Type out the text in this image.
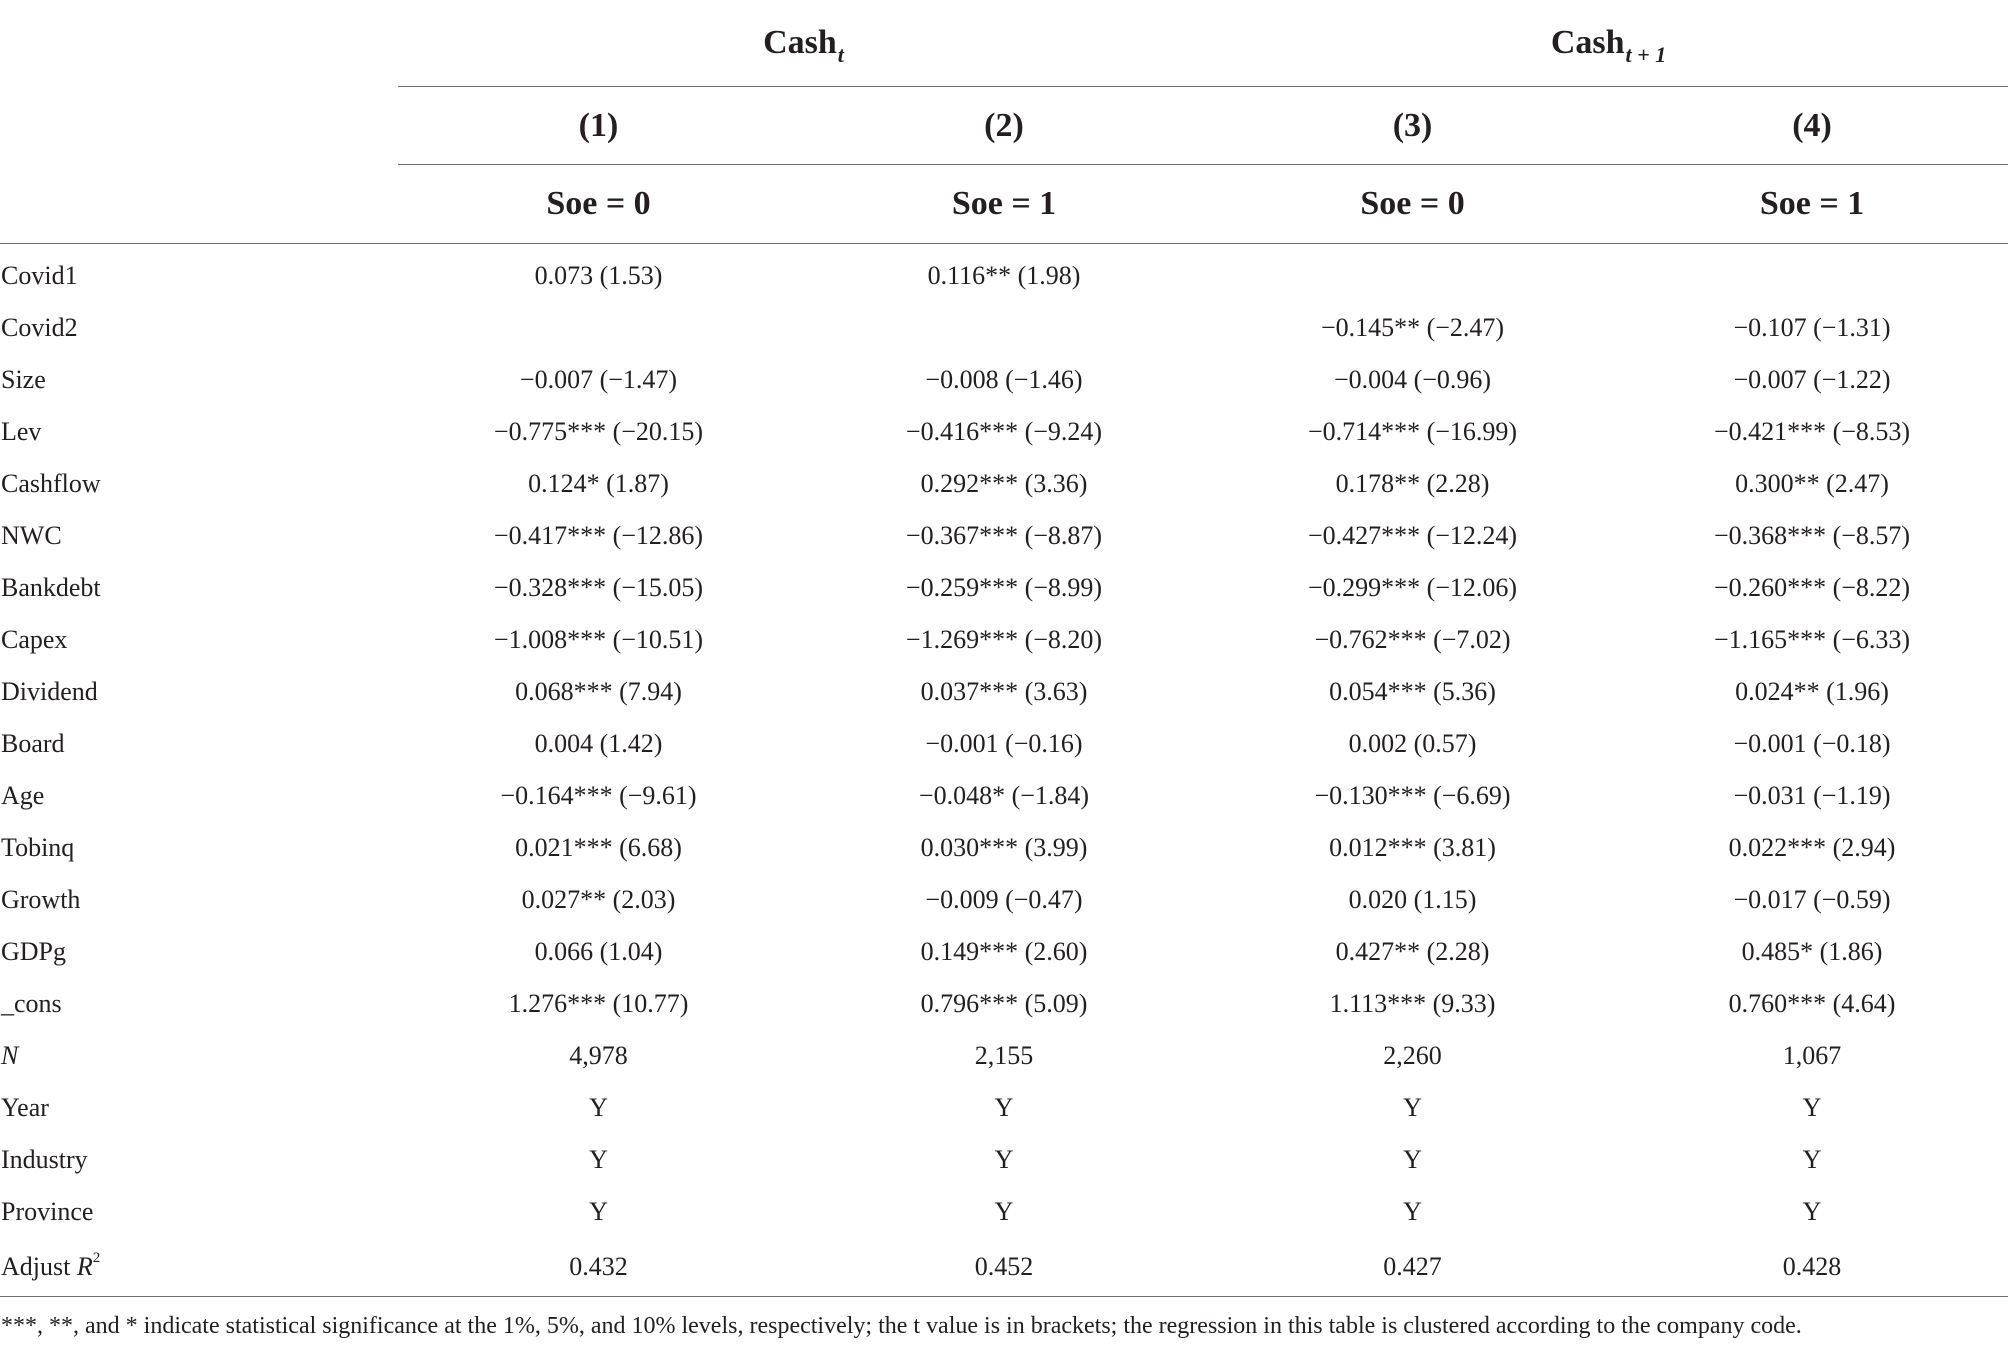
	Cash$_t$		Cash$_{t + 1}$
	(1)	(2)	(3)	(4)
	Soe = 0	Soe = 1	Soe = 0	Soe = 1
Covid1	0.073 (1.53)	0.116** (1.98)		
Covid2			−0.145** (−2.47)	−0.107 (−1.31)
Size	−0.007 (−1.47)	−0.008 (−1.46)	−0.004 (−0.96)	−0.007 (−1.22)
Lev	−0.775*** (−20.15)	−0.416*** (−9.24)	−0.714*** (−16.99)	−0.421*** (−8.53)
Cashflow	0.124* (1.87)	0.292*** (3.36)	0.178** (2.28)	0.300** (2.47)
NWC	−0.417*** (−12.86)	−0.367*** (−8.87)	−0.427*** (−12.24)	−0.368*** (−8.57)
Bankdebt	−0.328*** (−15.05)	−0.259*** (−8.99)	−0.299*** (−12.06)	−0.260*** (−8.22)
Capex	−1.008*** (−10.51)	−1.269*** (−8.20)	−0.762*** (−7.02)	−1.165*** (−6.33)
Dividend	0.068*** (7.94)	0.037*** (3.63)	0.054*** (5.36)	0.024** (1.96)
Board	0.004 (1.42)	−0.001 (−0.16)	0.002 (0.57)	−0.001 (−0.18)
Age	−0.164*** (−9.61)	−0.048* (−1.84)	−0.130*** (−6.69)	−0.031 (−1.19)
Tobinq	0.021*** (6.68)	0.030*** (3.99)	0.012*** (3.81)	0.022*** (2.94)
Growth	0.027** (2.03)	−0.009 (−0.47)	0.020 (1.15)	−0.017 (−0.59)
GDPg	0.066 (1.04)	0.149*** (2.60)	0.427** (2.28)	0.485* (1.86)
_cons	1.276*** (10.77)	0.796*** (5.09)	1.113*** (9.33)	0.760*** (4.64)
N	4,978	2,155	2,260	1,067
Year	Y	Y	Y	Y
Industry	Y	Y	Y	Y
Province	Y	Y	Y	Y
Adjust $R^2$	0.432	0.452	0.427	0.428
***, **, and * indicate statistical significance at the 1%, 5%, and 10% levels, respectively; the t value is in brackets; the regression in this table is clustered according to the company code.
